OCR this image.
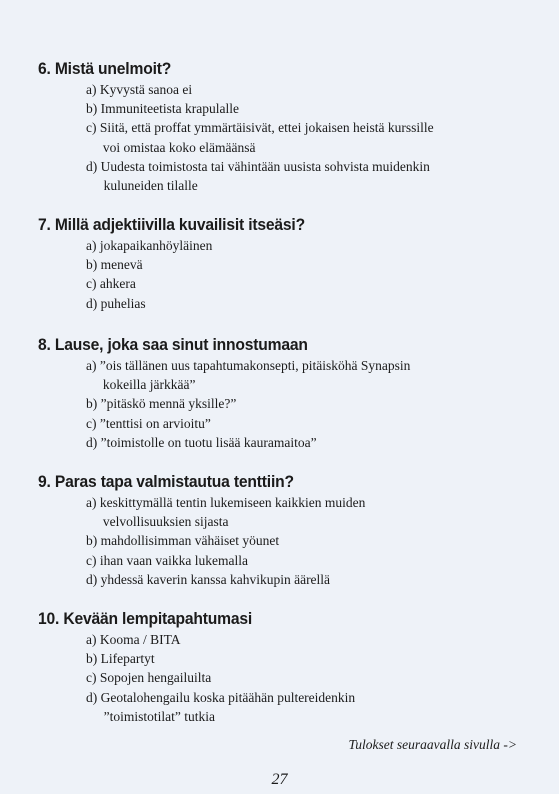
6. Mistä unelmoit?
a)
Kyvystä sanoa ei
b)
Immuniteetista krapulalle
c)
Siitä, että proffat ymmärtäisivät, ettei jokaisen heistä kurssille
voi omistaa koko elämäänsä
d)
Uudesta toimistosta tai vähintään uusista sohvista muidenkin
kuluneiden tilalle
7. Millä adjektiivilla kuvailisit itseäsi?
a)
jokapaikanhöyläinen
b)
menevä
c)
ahkera
d)
puhelias
8. Lause, joka saa sinut innostumaan
a)
”ois tällänen uus tapahtumakonsepti, pitäisköhä Synapsin
kokeilla järkkää”
b)
”pitäskö mennä yksille?”
c)
”tenttisi on arvioitu”
d)
”toimistolle on tuotu lisää kauramaitoa”
9. Paras tapa valmistautua tenttiin?
a)
keskittymällä tentin lukemiseen kaikkien muiden
velvollisuuksien sijasta
b)
mahdollisimman vähäiset yöunet
c)
ihan vaan vaikka lukemalla
d)
yhdessä kaverin kanssa kahvikupin äärellä
10. Kevään lempitapahtumasi
a)
Kooma / BITA
b)
Lifepartyt
c)
Sopojen hengailuilta
d)
Geotalohengailu koska pitäähän pultereidenkin
”toimistotilat” tutkia
Tulokset seuraavalla sivulla ->
27
